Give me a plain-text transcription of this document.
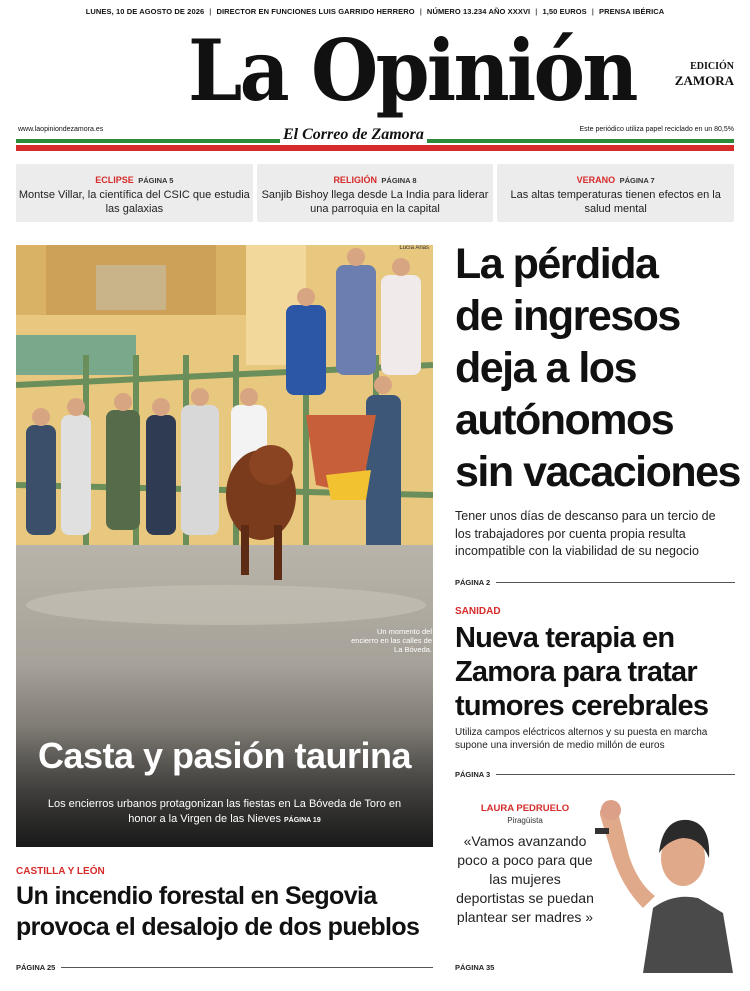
LUNES, 10 DE AGOSTO DE 2026 | DIRECTOR EN FUNCIONES LUIS GARRIDO HERRERO | NÚMERO 13.234 AÑO XXXVI | 1,50 EUROS | PRENSA IBÉRICA
La Opinión	EDICIÓN
ZAMORA
www.laopiniondezamora.es	Este periódico utiliza papel reciclado en un 80,5%
El Correo de Zamora
ECLIPSE PÁGINA 5
Montse Villar, la científica del CSIC que estudia las galaxias
RELIGIÓN PÁGINA 8
Sanjib Bishoy llega desde La India para liderar una parroquia en la capital
VERANO PÁGINA 7
Las altas temperaturas tienen efectos en la salud mental
Lucía Arias
Un momento del encierro en las calles de La Bóveda.
Casta y pasión taurina
Los encierros urbanos protagonizan las fiestas en La Bóveda de Toro en honor a la Virgen de las Nieves PÁGINA 19
La pérdida
de ingresos
deja a los
autónomos
sin vacaciones
Tener unos días de descanso para un tercio de los trabajadores por cuenta propia resulta incompatible con la viabilidad de su negocio
PÁGINA 2
SANIDAD
Nueva terapia en Zamora para tratar tumores cerebrales
Utiliza campos eléctricos alternos y su puesta en marcha supone una inversión de medio millón de euros
PÁGINA 3
LAURA PEDRUELO
Piragüista
«Vamos avanzando poco a poco para que las mujeres deportistas se puedan plantear ser madres »
PÁGINA 35
CASTILLA Y LEÓN
Un incendio forestal en Segovia provoca el desalojo de dos pueblos
PÁGINA 25
